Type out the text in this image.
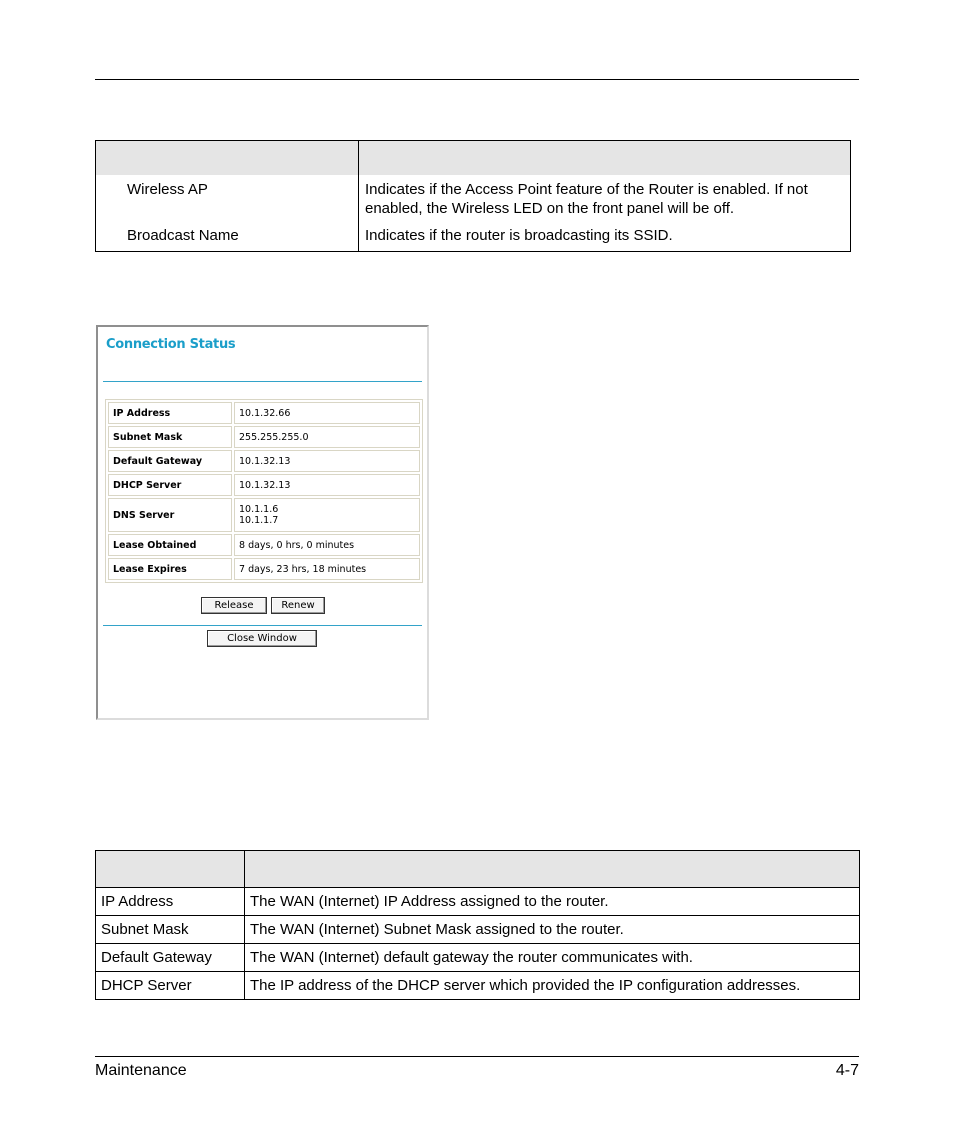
Wireless AP	Indicates if the Access Point feature of the Router is enabled. If not enabled, the Wireless LED on the front panel will be off.
Broadcast Name	Indicates if the router is broadcasting its SSID.
Connection Status
IP Address	10.1.32.66
Subnet Mask	255.255.255.0
Default Gateway	10.1.32.13
DHCP Server	10.1.32.13
DNS Server	10.1.1.6
10.1.1.7

Lease Obtained	8 days, 0 hrs, 0 minutes
Lease Expires	7 days, 23 hrs, 18 minutes
Release	Renew
Close Window

IP Address	The WAN (Internet) IP Address assigned to the router.
Subnet Mask	The WAN (Internet) Subnet Mask assigned to the router.
Default Gateway	The WAN (Internet) default gateway the router communicates with.
DHCP Server	The IP address of the DHCP server which provided the IP configuration addresses.
Maintenance	4-7
